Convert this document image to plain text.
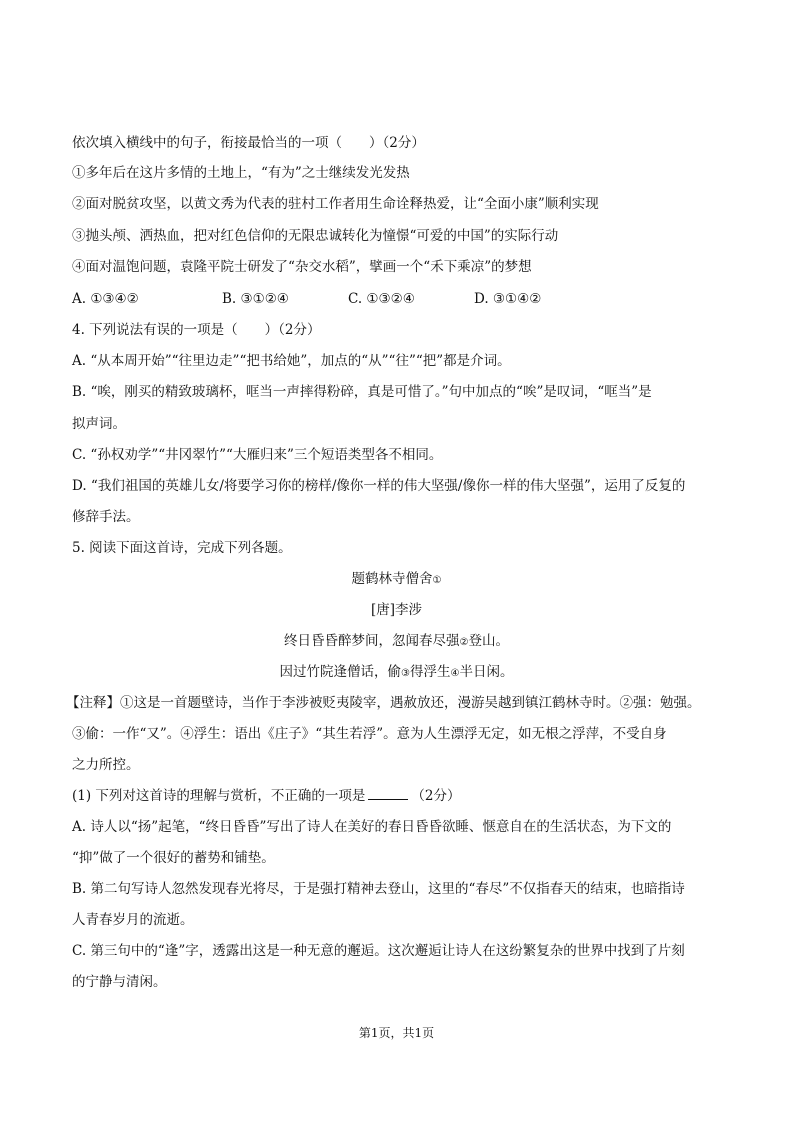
依次填入横线中的句子，衔接最恰当的一项（　　）（2分）
①多年后在这片多情的土地上，“有为”之士继续发光发热
②面对脱贫攻坚，以黄文秀为代表的驻村工作者用生命诠释热爱，让“全面小康”顺利实现
③抛头颅、洒热血，把对红色信仰的无限忠诚转化为憧憬“可爱的中国”的实际行动
④面对温饱问题，袁隆平院士研发了“杂交水稻”，擘画一个“禾下乘凉”的梦想
A. ①③④②	B. ③①②④	C. ①③②④	D. ③①④②
4. 下列说法有误的一项是（　　）（2分）
A. “从本周开始”“往里边走”“把书给她”，加点的“从”“往”“把”都是介词。
B. “唉，刚买的精致玻璃杯，哐当一声摔得粉碎，真是可惜了。”句中加点的“唉”是叹词，“哐当”是
拟声词。
C. “孙权劝学”“井冈翠竹”“大雁归来”三个短语类型各不相同。
D. “我们祖国的英雄儿女/将要学习你的榜样/像你一样的伟大坚强/像你一样的伟大坚强”，运用了反复的
修辞手法。
5. 阅读下面这首诗，完成下列各题。
题鹤林寺僧舍①
[唐]李涉
终日昏昏醉梦间，忽闻春尽强②登山。
因过竹院逢僧话，偷③得浮生④半日闲。
【注释】①这是一首题壁诗，当作于李涉被贬夷陵宰，遇赦放还，漫游吴越到镇江鹤林寺时。②强：勉强。
③偷：一作“又”。④浮生：语出《庄子》“其生若浮”。意为人生漂浮无定，如无根之浮萍，不受自身
之力所控。
(1) 下列对这首诗的理解与赏析，不正确的一项是	（2分）
A. 诗人以“扬”起笔，“终日昏昏”写出了诗人在美好的春日昏昏欲睡、惬意自在的生活状态，为下文的
“抑”做了一个很好的蓄势和铺垫。
B. 第二句写诗人忽然发现春光将尽，于是强打精神去登山，这里的“春尽”不仅指春天的结束，也暗指诗
人青春岁月的流逝。
C. 第三句中的“逢”字，透露出这是一种无意的邂逅。这次邂逅让诗人在这纷繁复杂的世界中找到了片刻
的宁静与清闲。
第1页，共1页
